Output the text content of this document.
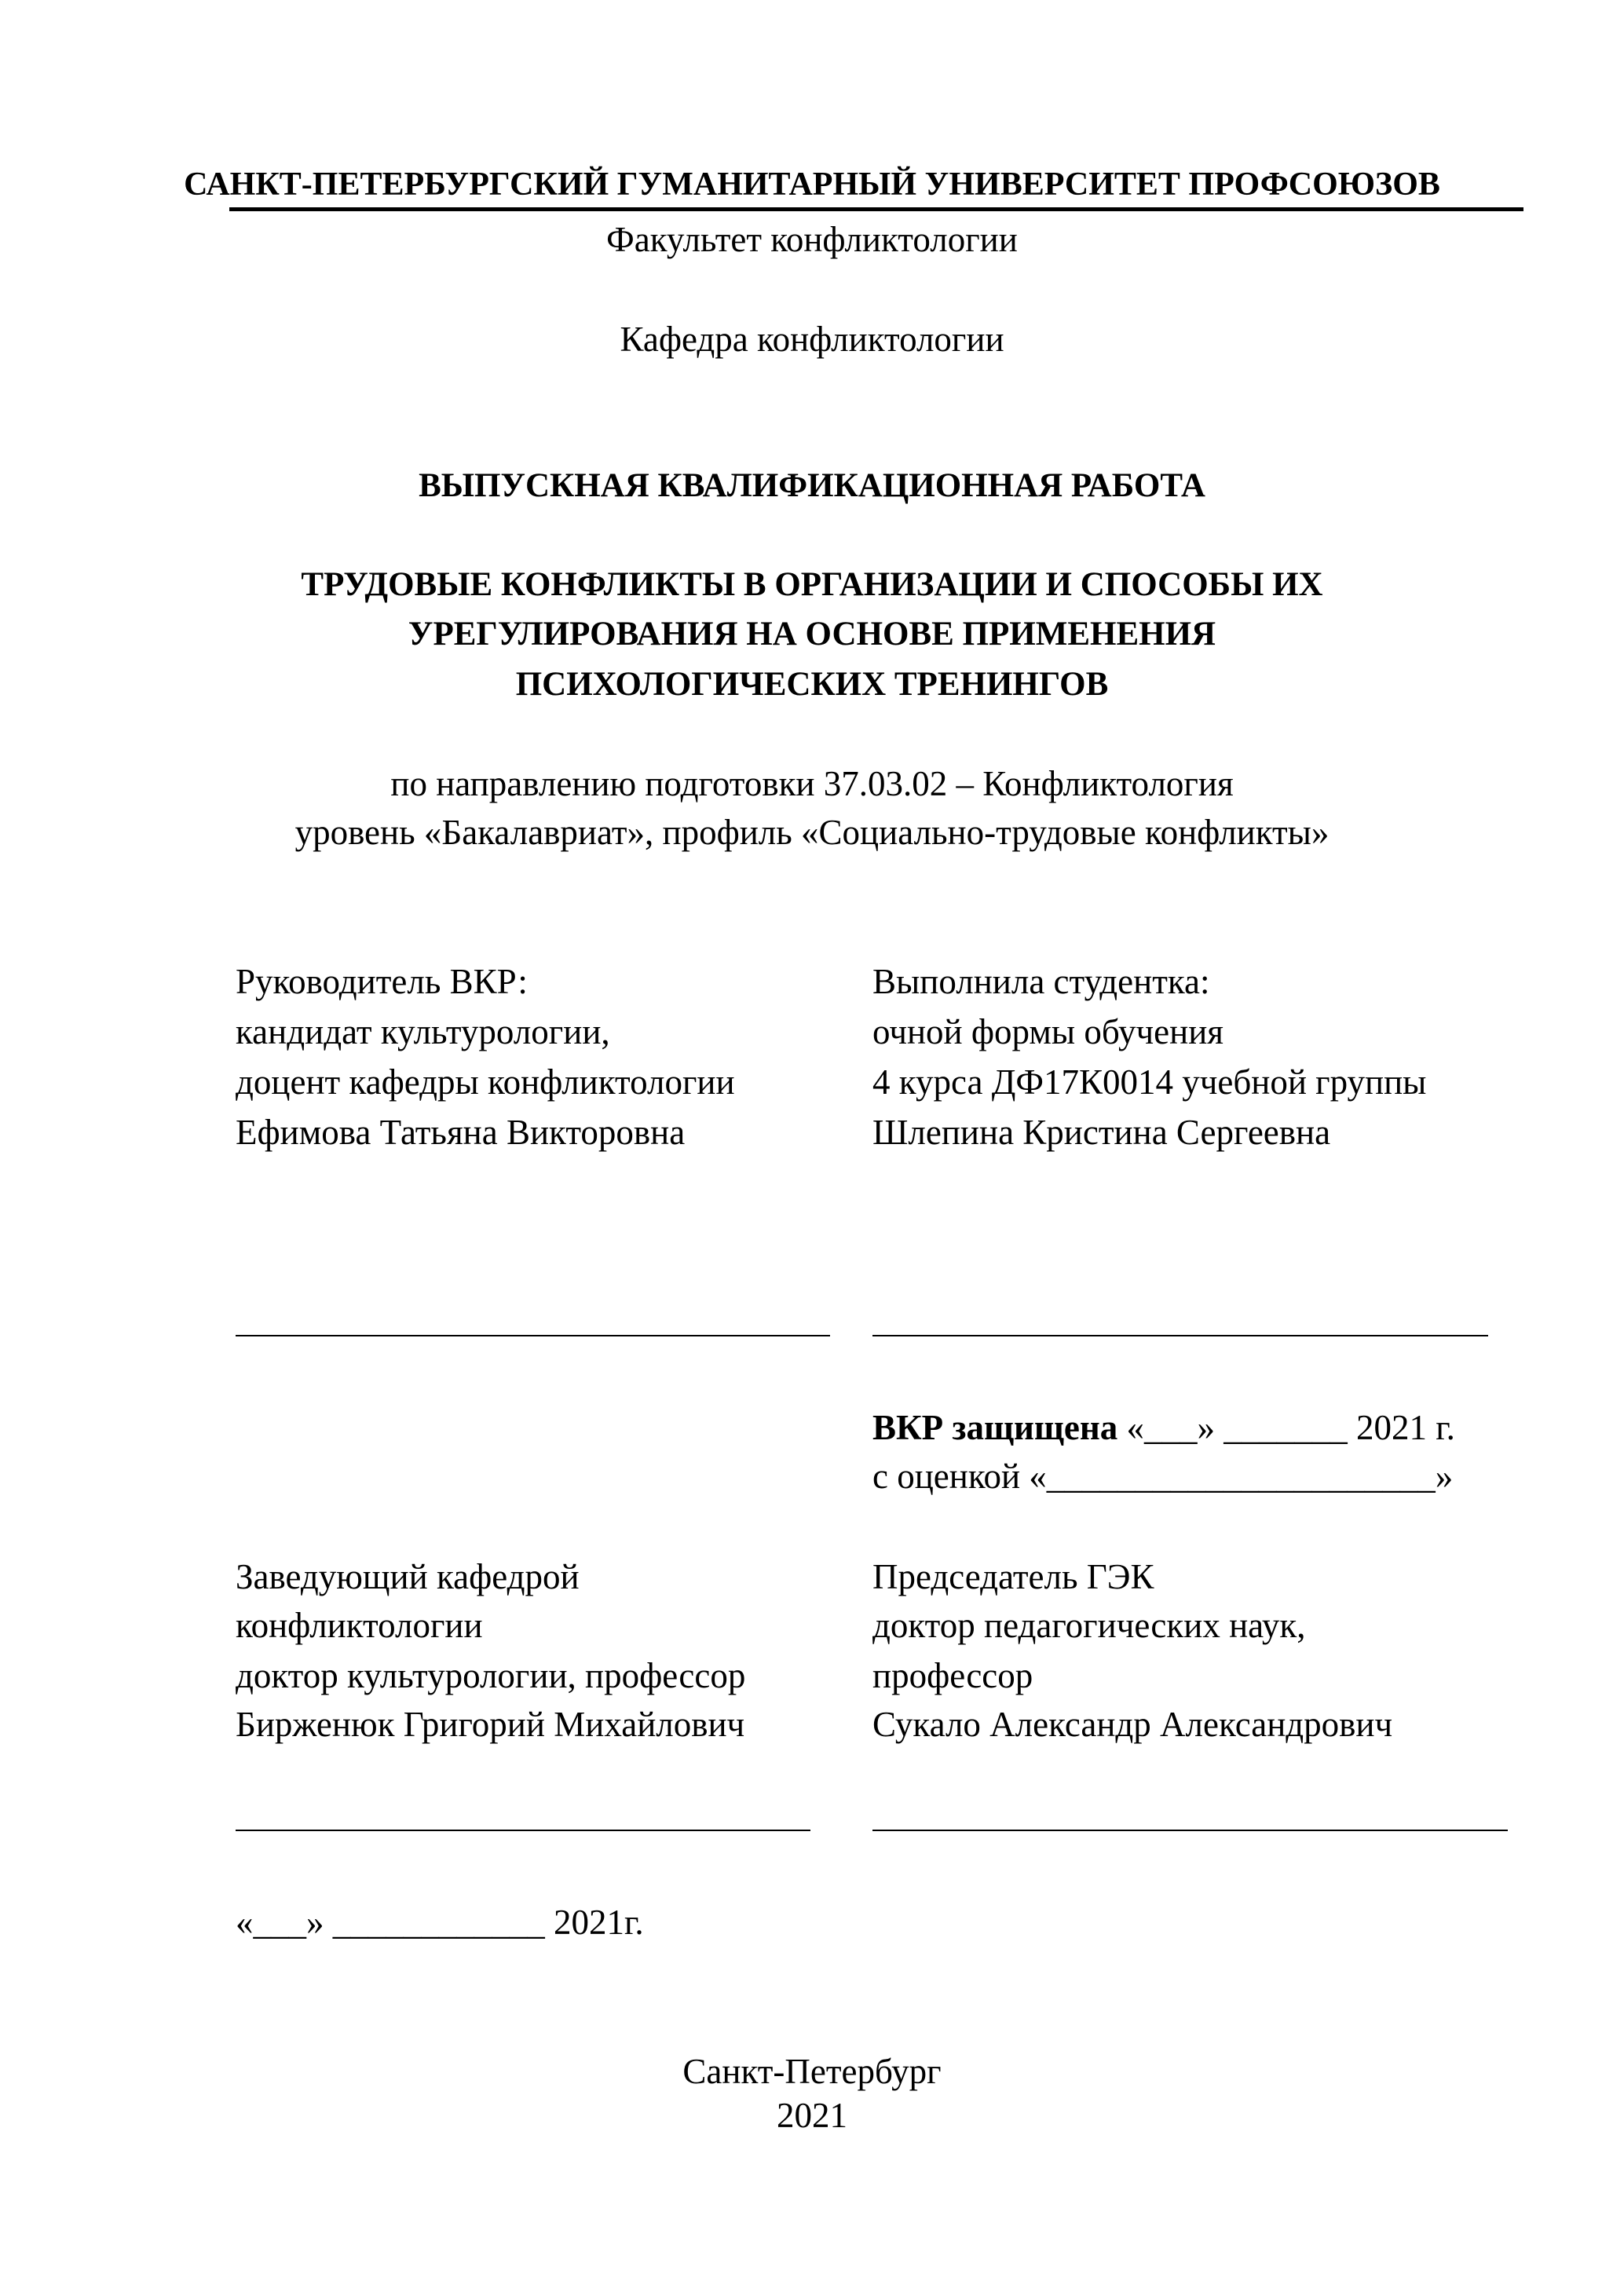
САНКТ-ПЕТЕРБУРГСКИЙ ГУМАНИТАРНЫЙ УНИВЕРСИТЕТ ПРОФСОЮЗОВ
Факультет конфликтологии
Кафедра конфликтологии
ВЫПУСКНАЯ КВАЛИФИКАЦИОННАЯ РАБОТА
ТРУДОВЫЕ КОНФЛИКТЫ В ОРГАНИЗАЦИИ И СПОСОБЫ ИХ
УРЕГУЛИРОВАНИЯ НА ОСНОВЕ ПРИМЕНЕНИЯ
ПСИХОЛОГИЧЕСКИХ ТРЕНИНГОВ
по направлению подготовки 37.03.02 – Конфликтология
уровень «Бакалавриат», профиль «Социально-трудовые конфликты»
Руководитель ВКР:
кандидат культурологии,
доцент кафедры конфликтологии
Ефимова Татьяна Викторовна
Выполнила студентка:
очной формы обучения
4 курса ДФ17К0014 учебной группы
Шлепина Кристина Сергеевна
ВКР защищена «___» _______ 2021 г.
с оценкой «______________________»
Заведующий кафедрой
конфликтологии
доктор культурологии, профессор
Бирженюк Григорий Михайлович
Председатель ГЭК
доктор педагогических наук,
профессор
Сукало Александр Александрович
«___» ____________ 2021г.
Санкт-Петербург
2021
